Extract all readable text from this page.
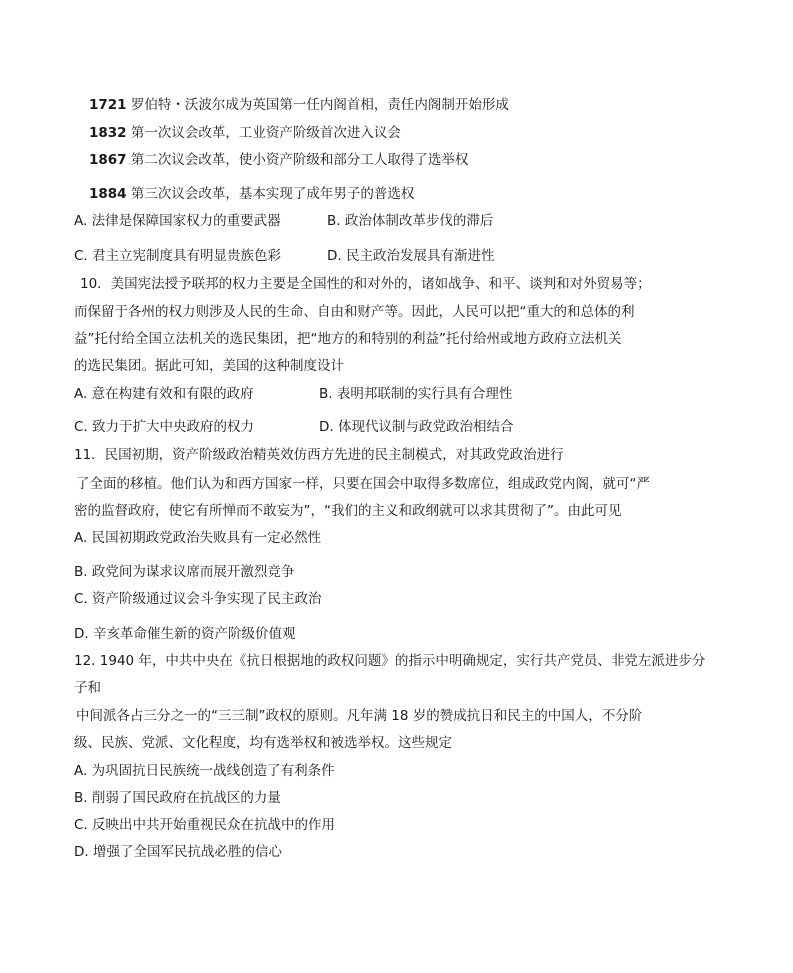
1721 罗伯特・沃波尔成为英国第一任内阁首相，责任内阁制开始形成
1832 第一次议会改革，工业资产阶级首次进入议会
1867 第二次议会改革，使小资产阶级和部分工人取得了选举权
1884 第三次议会改革，基本实现了成年男子的普选权
A. 法律是保障国家权力的重要武器	B. 政治体制改革步伐的滞后
C. 君主立宪制度具有明显贵族色彩	D. 民主政治发展具有渐进性
10．美国宪法授予联邦的权力主要是全国性的和对外的，诸如战争、和平、谈判和对外贸易等；
而保留于各州的权力则涉及人民的生命、自由和财产等。因此，人民可以把“重大的和总体的利
益”托付给全国立法机关的选民集团，把“地方的和特别的利益”托付给州或地方政府立法机关
的选民集团。据此可知，美国的这种制度设计
A. 意在构建有效和有限的政府	B. 表明邦联制的实行具有合理性
C. 致力于扩大中央政府的权力	D. 体现代议制与政党政治相结合
11．民国初期，资产阶级政治精英效仿西方先进的民主制模式，对其政党政治进行
了全面的移植。他们认为和西方国家一样，只要在国会中取得多数席位，组成政党内阁，就可“严
密的监督政府，使它有所惮而不敢妄为”，“我们的主义和政纲就可以求其贯彻了”。由此可见
A. 民国初期政党政治失败具有一定必然性
B. 政党间为谋求议席而展开激烈竞争
C. 资产阶级通过议会斗争实现了民主政治
D. 辛亥革命催生新的资产阶级价值观
12. 1940 年，中共中央在《抗日根据地的政权问题》的指示中明确规定，实行共产党员、非党左派进步分
子和
中间派各占三分之一的“三三制”政权的原则。凡年满 18 岁的赞成抗日和民主的中国人，不分阶
级、民族、党派、文化程度，均有选举权和被选举权。这些规定
A. 为巩固抗日民族统一战线创造了有利条件
B. 削弱了国民政府在抗战区的力量
C. 反映出中共开始重视民众在抗战中的作用
D. 增强了全国军民抗战必胜的信心
